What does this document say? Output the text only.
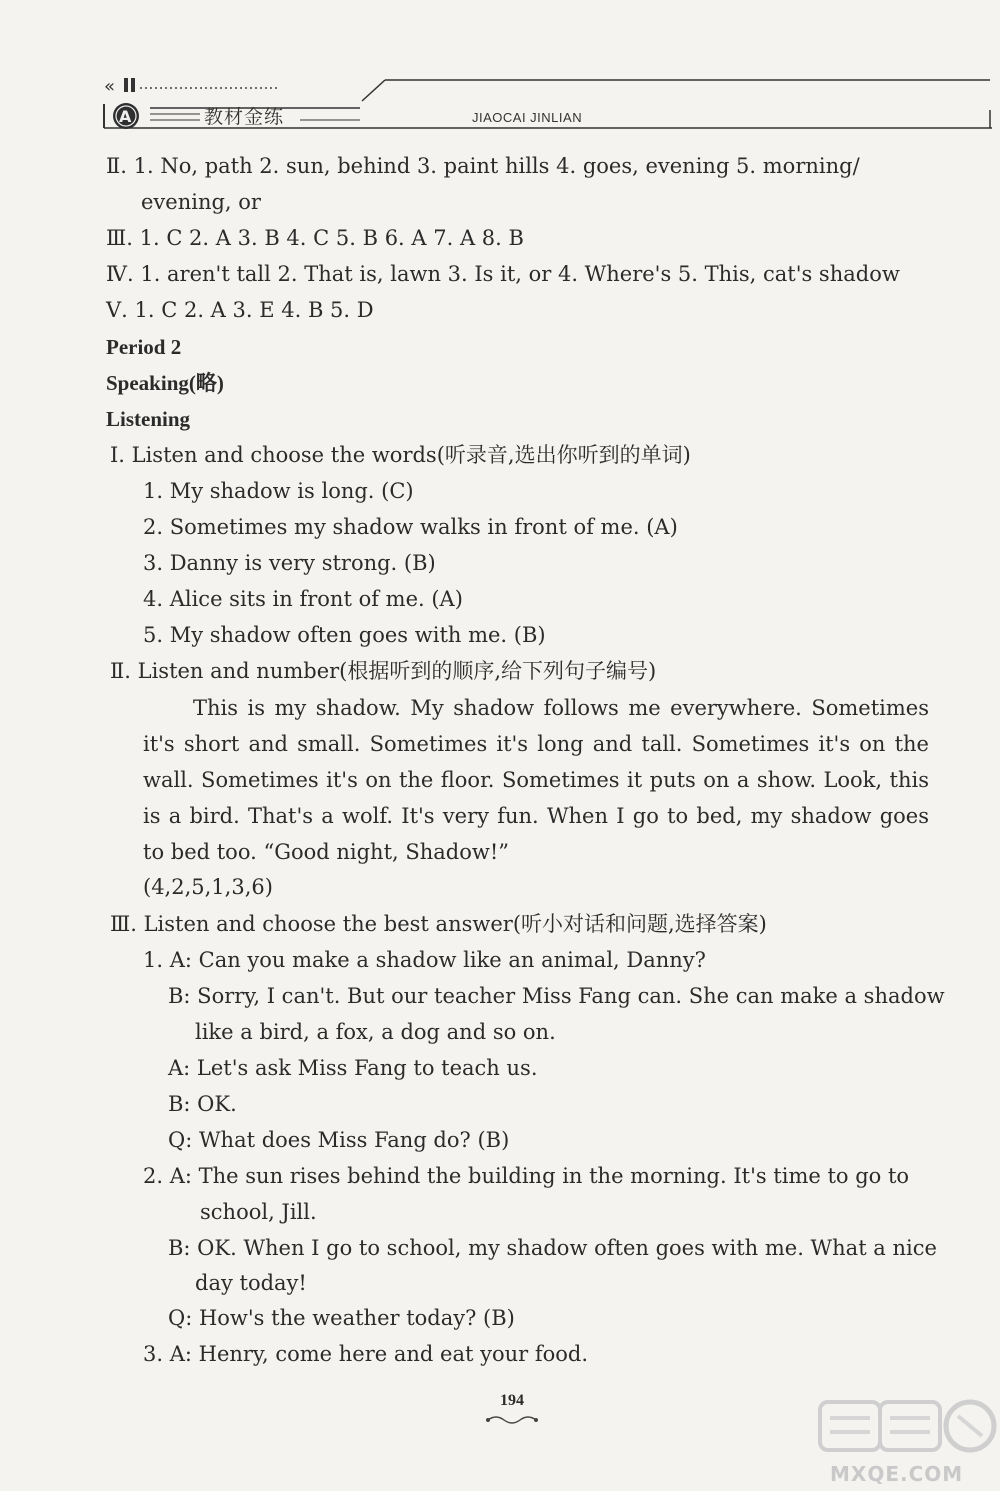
«
A	教材金练	JIAOCAI JINLIAN
Ⅱ. 1. No, path 2. sun, behind 3. paint hills 4. goes, evening 5. morning/
evening, or
Ⅲ. 1. C 2. A 3. B 4. C 5. B 6. A 7. A 8. B
Ⅳ. 1. aren't tall 2. That is, lawn 3. Is it, or 4. Where's 5. This, cat's shadow
Ⅴ. 1. C 2. A 3. E 4. B 5. D
Period 2
Speaking(略)
Listening
Ⅰ. Listen and choose the words(听录音,选出你听到的单词)
1. My shadow is long. (C)
2. Sometimes my shadow walks in front of me. (A)
3. Danny is very strong. (B)
4. Alice sits in front of me. (A)
5. My shadow often goes with me. (B)
Ⅱ. Listen and number(根据听到的顺序,给下列句子编号)
This is my shadow. My shadow follows me everywhere. Sometimes it's short and small. Sometimes it's long and tall. Sometimes it's on the wall. Sometimes it's on the floor. Sometimes it puts on a show. Look, this is a bird. That's a wolf. It's very fun. When I go to bed, my shadow goes to bed too. “Good night, Shadow!”
(4,2,5,1,3,6)
Ⅲ. Listen and choose the best answer(听小对话和问题,选择答案)
1. A: Can you make a shadow like an animal, Danny?
B: Sorry, I can't. But our teacher Miss Fang can. She can make a shadow
like a bird, a fox, a dog and so on.
A: Let's ask Miss Fang to teach us.
B: OK.
Q: What does Miss Fang do? (B)
2. A: The sun rises behind the building in the morning. It's time to go to
school, Jill.
B: OK. When I go to school, my shadow often goes with me. What a nice
day today!
Q: How's the weather today? (B)
3. A: Henry, come here and eat your food.
194
MXQE.COM
